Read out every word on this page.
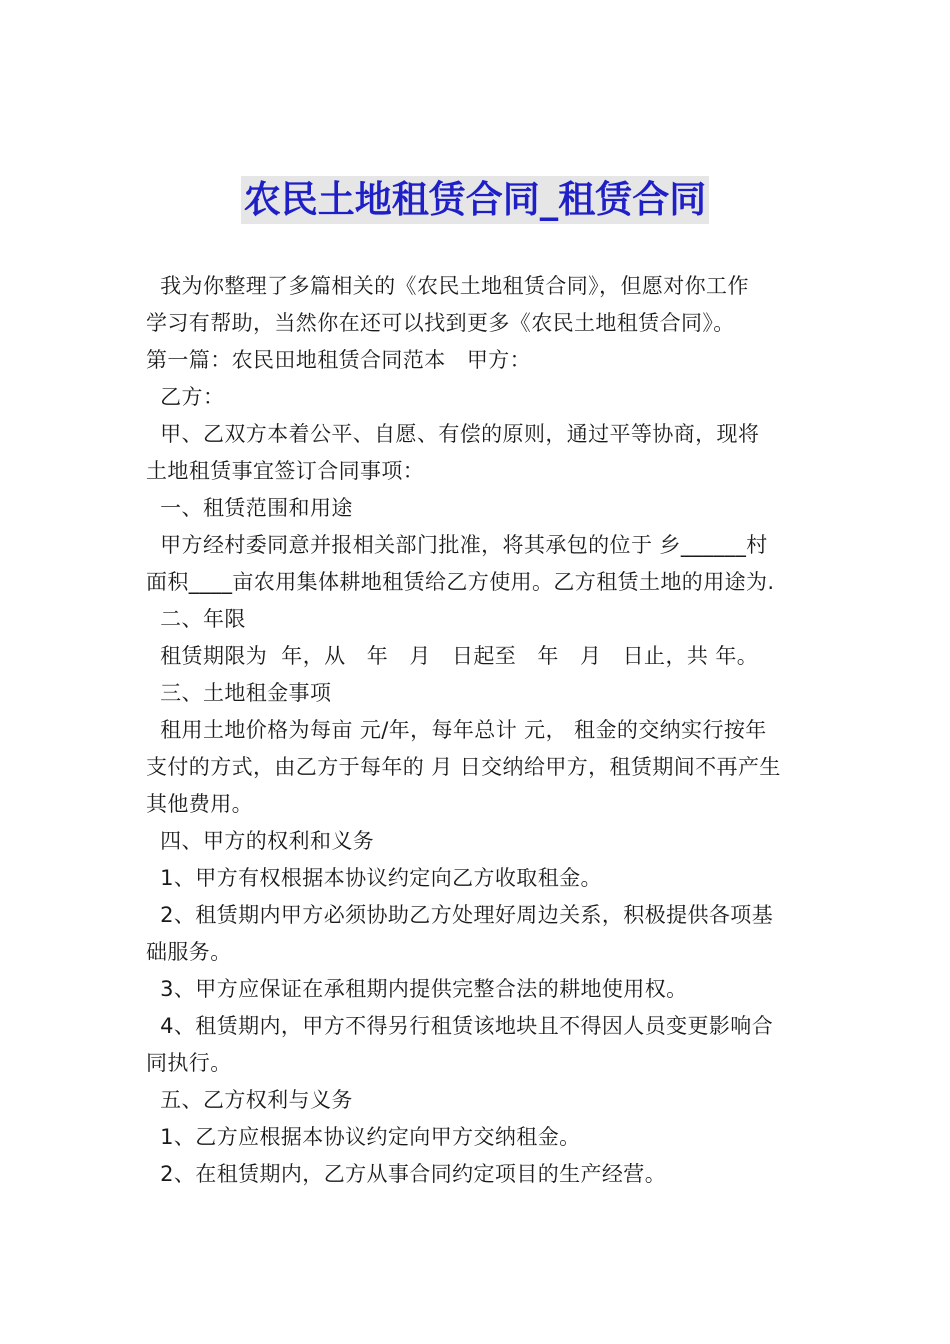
农民土地租赁合同_租赁合同
我为你整理了多篇相关的《农民土地租赁合同》，但愿对你工作
学习有帮助，当然你在还可以找到更多《农民土地租赁合同》。
第一篇：农民田地租赁合同范本   甲方：
乙方：
甲、乙双方本着公平、自愿、有偿的原则，通过平等协商，现将
土地租赁事宜签订合同事项：
一、租赁范围和用途
甲方经村委同意并报相关部门批准，将其承包的位于 乡______村
面积____亩农用集体耕地租赁给乙方使用。乙方租赁土地的用途为.
二、年限
租赁期限为  年，从   年   月   日起至   年   月   日止，共 年。
三、土地租金事项
租用土地价格为每亩 元/年，每年总计 元， 租金的交纳实行按年
支付的方式，由乙方于每年的 月 日交纳给甲方，租赁期间不再产生
其他费用。
四、甲方的权利和义务
1、甲方有权根据本协议约定向乙方收取租金。
2、租赁期内甲方必须协助乙方处理好周边关系，积极提供各项基
础服务。
3、甲方应保证在承租期内提供完整合法的耕地使用权。
4、租赁期内，甲方不得另行租赁该地块且不得因人员变更影响合
同执行。
五、乙方权利与义务
1、乙方应根据本协议约定向甲方交纳租金。
2、在租赁期内，乙方从事合同约定项目的生产经营。
